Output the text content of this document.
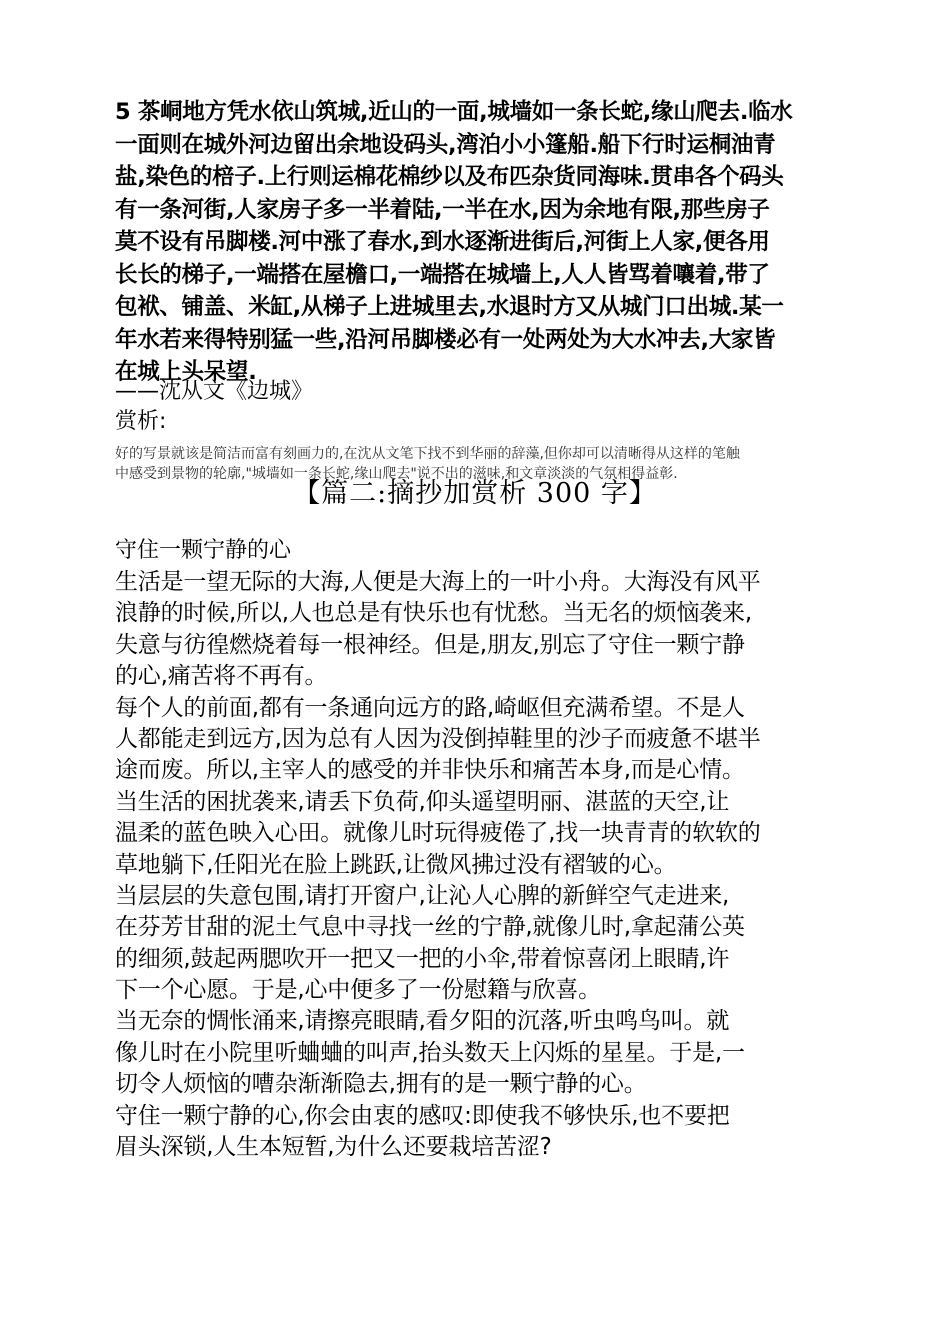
5 茶峒地方凭水依山筑城,近山的一面,城墙如一条长蛇,缘山爬去.临水
一面则在城外河边留出余地设码头,湾泊小小篷船.船下行时运桐油青
盐,染色的棓子.上行则运棉花棉纱以及布匹杂货同海味.贯串各个码头
有一条河街,人家房子多一半着陆,一半在水,因为余地有限,那些房子
莫不设有吊脚楼.河中涨了春水,到水逐渐进街后,河街上人家,便各用
长长的梯子,一端搭在屋檐口,一端搭在城墙上,人人皆骂着嚷着,带了
包袱、铺盖、米缸,从梯子上进城里去,水退时方又从城门口出城.某一
年水若来得特别猛一些,沿河吊脚楼必有一处两处为大水冲去,大家皆
在城上头呆望.
——沈从文《边城》
赏析:
好的写景就该是简洁而富有刻画力的,在沈从文笔下找不到华丽的辞藻,但你却可以清晰得从这样的笔触
中感受到景物的轮廓,"城墙如一条长蛇,缘山爬去"说不出的滋味,和文章淡淡的气氛相得益彰.
【篇二:摘抄加赏析 300 字】
守住一颗宁静的心
生活是一望无际的大海,人便是大海上的一叶小舟。大海没有风平
浪静的时候,所以,人也总是有快乐也有忧愁。当无名的烦恼袭来,
失意与彷徨燃烧着每一根神经。但是,朋友,别忘了守住一颗宁静
的心,痛苦将不再有。
每个人的前面,都有一条通向远方的路,崎岖但充满希望。不是人
人都能走到远方,因为总有人因为没倒掉鞋里的沙子而疲惫不堪半
途而废。所以,主宰人的感受的并非快乐和痛苦本身,而是心情。
当生活的困扰袭来,请丢下负荷,仰头遥望明丽、湛蓝的天空,让
温柔的蓝色映入心田。就像儿时玩得疲倦了,找一块青青的软软的
草地躺下,任阳光在脸上跳跃,让微风拂过没有褶皱的心。
当层层的失意包围,请打开窗户,让沁人心脾的新鲜空气走进来,
在芬芳甘甜的泥土气息中寻找一丝的宁静,就像儿时,拿起蒲公英
的细须,鼓起两腮吹开一把又一把的小伞,带着惊喜闭上眼睛,许
下一个心愿。于是,心中便多了一份慰籍与欣喜。
当无奈的惆怅涌来,请擦亮眼睛,看夕阳的沉落,听虫鸣鸟叫。就
像儿时在小院里听蛐蛐的叫声,抬头数天上闪烁的星星。于是,一
切令人烦恼的嘈杂渐渐隐去,拥有的是一颗宁静的心。
守住一颗宁静的心,你会由衷的感叹:即使我不够快乐,也不要把
眉头深锁,人生本短暂,为什么还要栽培苦涩?
